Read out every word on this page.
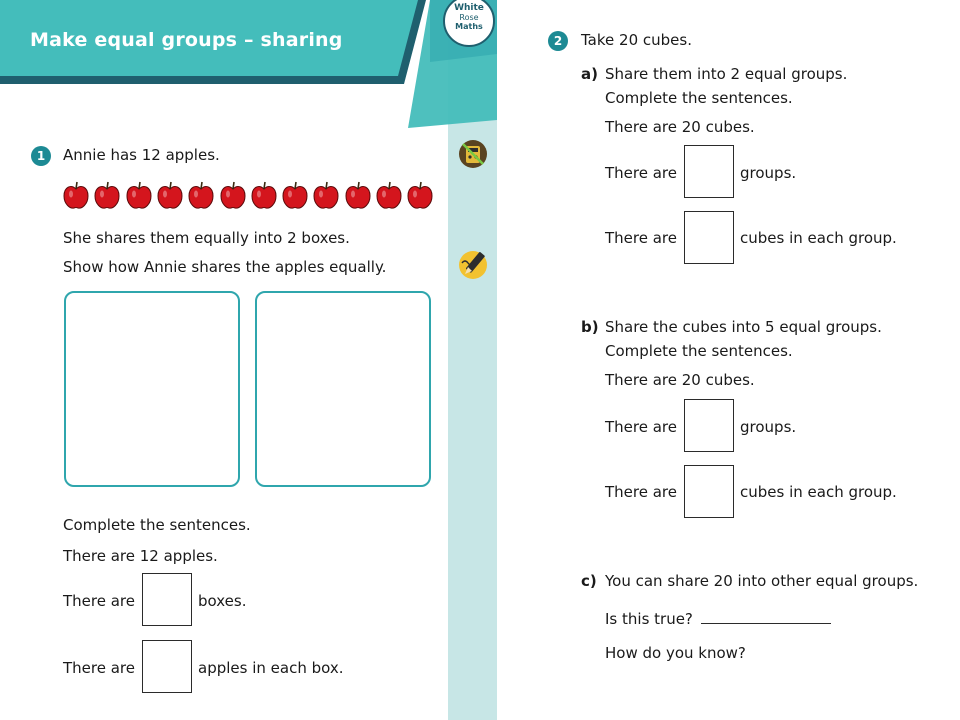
Make equal groups – sharing
White
Rose
Maths
1	Annie has 12 apples.
She shares them equally into 2 boxes.
Show how Annie shares the apples equally.
Complete the sentences.
There are 12 apples.
There are	boxes.
There are	apples in each box.
2	Take 20 cubes.
a) Share them into 2 equal groups.
Complete the sentences.
There are 20 cubes.
There are	groups.
There are	cubes in each group.
b) Share the cubes into 5 equal groups.
Complete the sentences.
There are 20 cubes.
There are	groups.
There are	cubes in each group.
c) You can share 20 into other equal groups.
Is this true?
How do you know?
